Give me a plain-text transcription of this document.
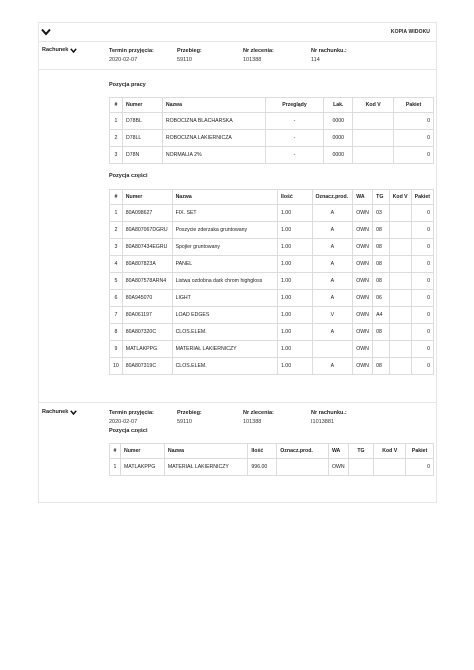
KOPIA WIDOKU
Rachunek	Termin przyjęcia:
2020-02-07
Przebieg:
59110
Nr zlecenia:
101388
Nr rachunku.:
114
Pozycja pracy
#	Numer	Nazwa	Przeglądy	Lak.	Kod V	Pakiet
1	D78BL	ROBOCIZNA BLACHARSKA	-	0000		0
2	D78LL	ROBOCIZNA LAKIERNICZA	-	0000		0
3	D78N	NORMALIA 2%	-	0000		0
Pozycja części
#	Numer	Nazwa	Ilość	Oznacz.prod.	WA	TG	Kod V	Pakiet
1	80A098627	FIX. SET	1.00	A	OWN	03		0
2	80A807067DGRU	Poszycie zderzaka gruntowany	1.00	A	OWN	08		0
3	80A807434EGRU	Spojler gruntowany	1.00	A	OWN	08		0
4	80A807823A	PANEL	1.00	A	OWN	08		0
5	80A807578ARN4	Listwa ozdobna dark chrom highgloss	1.00	A	OWN	08		0
6	80A945070	LIGHT	1.00	A	OWN	06		0
7	80A061197	LOAD EDGES	1.00	V	OWN	A4		0
8	80A807320C	CLOS.ELEM.	1.00	A	OWN	08		0
9	MATLAKPPG	MATERIAŁ LAKIERNICZY	1.00		OWN			0
10	80A807319C	CLOS.ELEM.	1.00	A	OWN	08		0
Rachunek	Termin przyjęcia:
2020-02-07
Pozycja części
Przebieg:
59110
Nr zlecenia:
101388
Nr rachunku.:
I1013881
#	Numer	Nazwa	Ilość	Oznacz.prod.	WA	TG	Kod V	Pakiet
1	MATLAKPPG	MATERIAŁ LAKIERNICZY	996.00		OWN			0
